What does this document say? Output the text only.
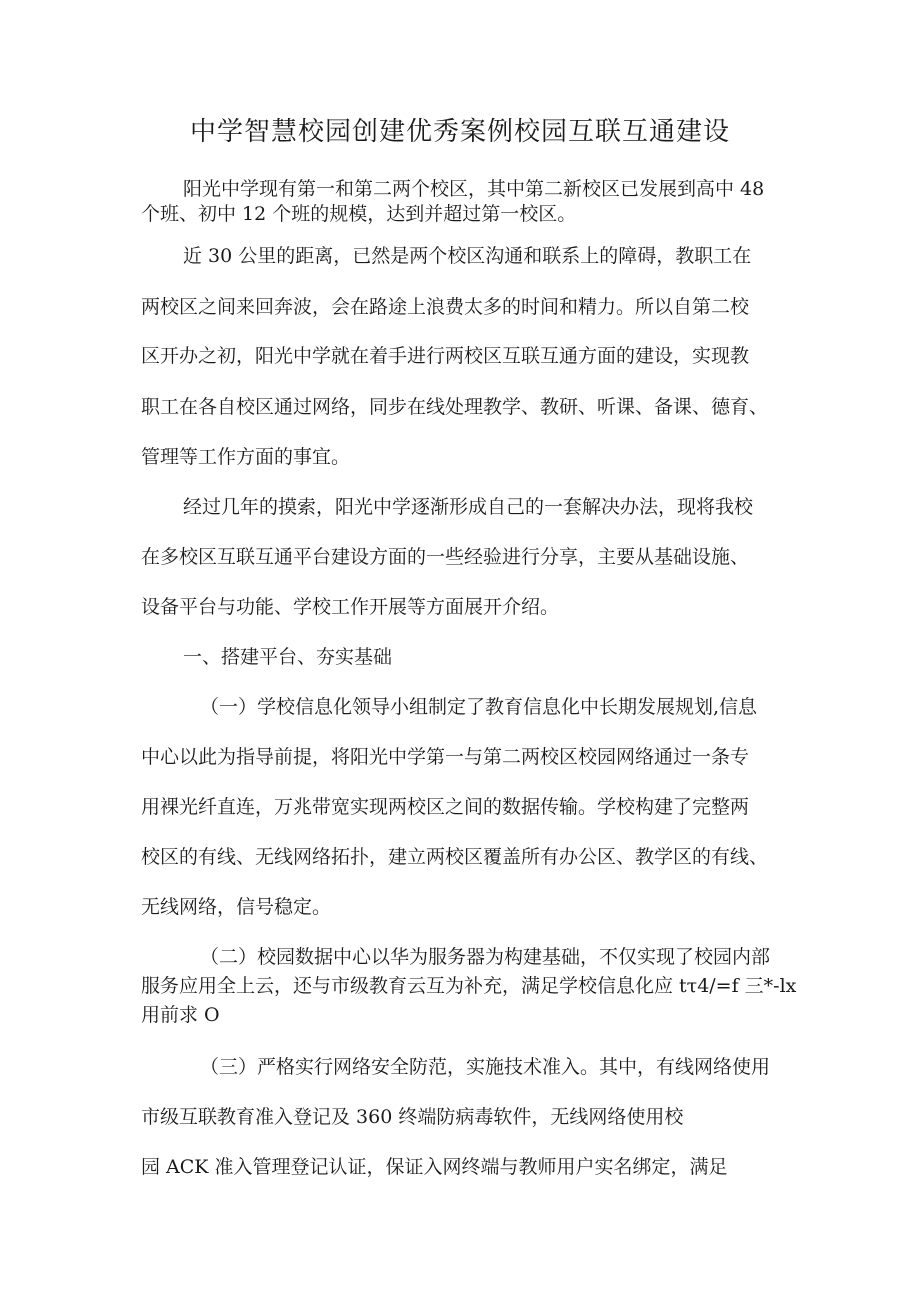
中学智慧校园创建优秀案例校园互联互通建设

阳光中学现有第一和第二两个校区，其中第二新校区已发展到高中 48

个班、初中 12 个班的规模，达到并超过第一校区。

近 30 公里的距离，已然是两个校区沟通和联系上的障碍，教职工在

两校区之间来回奔波，会在路途上浪费太多的时间和精力。所以自第二校

区开办之初，阳光中学就在着手进行两校区互联互通方面的建设，实现教

职工在各自校区通过网络，同步在线处理教学、教研、听课、备课、德育、

管理等工作方面的事宜。

经过几年的摸索，阳光中学逐渐形成自己的一套解决办法，现将我校

在多校区互联互通平台建设方面的一些经验进行分享，主要从基础设施、

设备平台与功能、学校工作开展等方面展开介绍。

一、搭建平台、夯实基础

（一）学校信息化领导小组制定了教育信息化中长期发展规划,信息

中心以此为指导前提，将阳光中学第一与第二两校区校园网络通过一条专

用裸光纤直连，万兆带宽实现两校区之间的数据传输。学校构建了完整两

校区的有线、无线网络拓扑，建立两校区覆盖所有办公区、教学区的有线、

无线网络，信号稳定。

（二）校园数据中心以华为服务器为构建基础，不仅实现了校园内部

服务应用全上云，还与市级教育云互为补充，满足学校信息化应 tτ4∕=f 三*-lx

用前求 O

（三）严格实行网络安全防范，实施技术准入。其中，有线网络使用

市级互联教育准入登记及 360 终端防病毒软件，无线网络使用校

园 ACK 准入管理登记认证，保证入网终端与教师用户实名绑定，满足
